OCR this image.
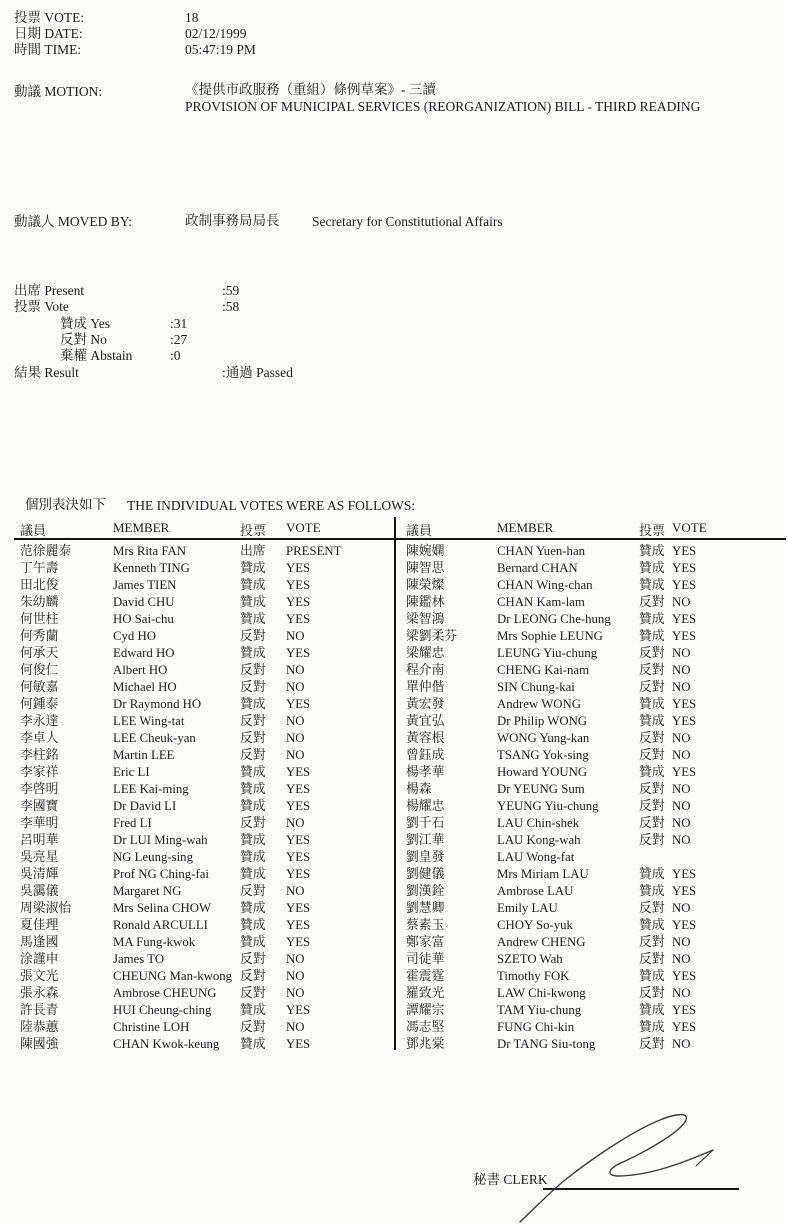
投票 VOTE:	18
日期 DATE:	02/12/1999
時間 TIME:	05:47:19 PM
動議 MOTION:	《提供市政服務（重組）條例草案》- 三讀
PROVISION OF MUNICIPAL SERVICES (REORGANIZATION) BILL - THIRD READING
動議人 MOVED BY:	政制事務局局長 Secretary for Constitutional Affairs
出席 Present	:59
投票 Vote	:58
贊成 Yes	:31
反對 No	:27
棄權 Abstain	:0
結果 Result	:通過 Passed
個別表決如下 THE INDIVIDUAL VOTES WERE AS FOLLOWS:
議員	MEMBER	投票 VOTE
范徐麗泰	Mrs Rita FAN	出席 PRESENT
丁午壽	Kenneth TING	贊成 YES
田北俊	James TIEN	贊成 YES
朱幼麟	David CHU	贊成 YES
何世柱	HO Sai-chu	贊成 YES
何秀蘭	Cyd HO	反對 NO
何承天	Edward HO	贊成 YES
何俊仁	Albert HO	反對 NO
何敏嘉	Michael HO	反對 NO
何鍾泰	Dr Raymond HO	贊成 YES
李永達	LEE Wing-tat	反對 NO
李卓人	LEE Cheuk-yan	反對 NO
李柱銘	Martin LEE	反對 NO
李家祥	Eric LI	贊成 YES
李啓明	LEE Kai-ming	贊成 YES
李國寶	Dr David LI	贊成 YES
李華明	Fred LI	反對 NO
呂明華	Dr LUI Ming-wah	贊成 YES
吳亮星	NG Leung-sing	贊成 YES
吳清輝	Prof NG Ching-fai 贊成 YES
吳靄儀	Margaret NG	反對 NO
周梁淑怡	Mrs Selina CHOW 贊成 YES
夏佳理	Ronald ARCULLI	贊成 YES
馬逢國	MA Fung-kwok	贊成 YES
涂謹申	James TO	反對 NO
張文光	CHEUNG Man-kwong 反對 NO
張永森	Ambrose CHEUNG 反對 NO
許長青	HUI Cheung-ching 贊成 YES
陸恭蕙	Christine LOH	反對 NO
陳國強	CHAN Kwok-keung 贊成 YES
議員	MEMBER	投票 VOTE
陳婉嫻	CHAN Yuen-han	贊成 YES
陳智思	Bernard CHAN	贊成 YES
陳榮燦	CHAN Wing-chan	贊成 YES
陳鑑林	CHAN Kam-lam	反對 NO
梁智鴻	Dr LEONG Che-hung 贊成 YES
梁劉柔芬	Mrs Sophie LEUNG	贊成 YES
梁耀忠	LEUNG Yiu-chung	反對 NO
程介南	CHENG Kai-nam	反對 NO
單仲偕	SIN Chung-kai	反對 NO
黃宏發	Andrew WONG	贊成 YES
黃宜弘	Dr Philip WONG	贊成 YES
黃容根	WONG Yung-kan	反對 NO
曾鈺成	TSANG Yok-sing	反對 NO
楊孝華	Howard YOUNG	贊成 YES
楊森	Dr YEUNG Sum	反對 NO
楊耀忠	YEUNG Yiu-chung	反對 NO
劉千石	LAU Chin-shek	反對 NO
劉江華	LAU Kong-wah	反對 NO
劉皇發	LAU Wong-fat
劉健儀	Mrs Miriam LAU	贊成 YES
劉漢銓	Ambrose LAU	贊成 YES
劉慧卿	Emily LAU	反對 NO
蔡素玉	CHOY So-yuk	贊成 YES
鄭家富	Andrew CHENG	反對 NO
司徒華	SZETO Wah	反對 NO
霍震霆	Timothy FOK	贊成 YES
羅致光	LAW Chi-kwong	反對 NO
譚耀宗	TAM Yiu-chung	贊成 YES
馮志堅	FUNG Chi-kin	贊成 YES
鄧兆棠	Dr TANG Siu-tong	反對 NO
秘書 CLERK
